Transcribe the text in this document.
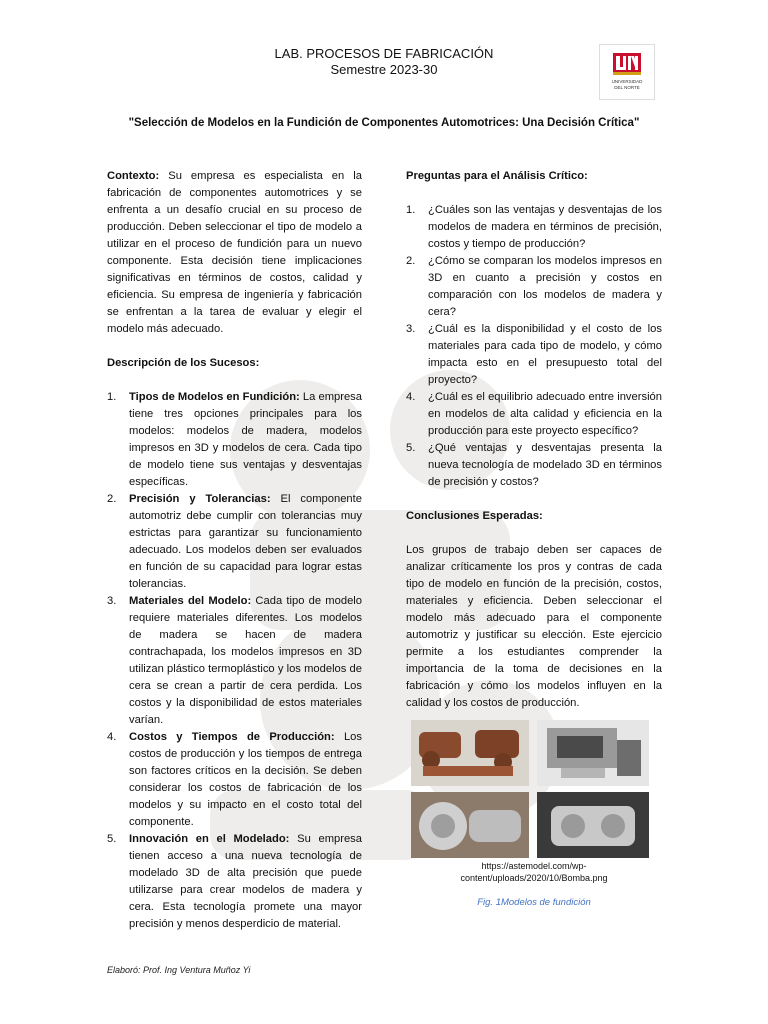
LAB. PROCESOS DE FABRICACIÓN
Semestre 2023-30
UNIVERSIDAD
DEL NORTE
"Selección de Modelos en la Fundición de Componentes Automotrices: Una Decisión Crítica"

Contexto: Su empresa es especialista en la fabricación de componentes automotrices y se enfrenta a un desafío crucial en su proceso de producción. Deben seleccionar el tipo de modelo a utilizar en el proceso de fundición para un nuevo componente. Esta decisión tiene implicaciones significativas en términos de costos, calidad y eficiencia. Su empresa de ingeniería y fabricación se enfrentan a la tarea de evaluar y elegir el modelo más adecuado.

Descripción de los Sucesos:
1. Tipos de Modelos en Fundición: La empresa tiene tres opciones principales para los modelos: modelos de madera, modelos impresos en 3D y modelos de cera. Cada tipo de modelo tiene sus ventajas y desventajas específicas.
2. Precisión y Tolerancias: El componente automotriz debe cumplir con tolerancias muy estrictas para garantizar su funcionamiento adecuado. Los modelos deben ser evaluados en función de su capacidad para lograr estas tolerancias.
3. Materiales del Modelo: Cada tipo de modelo requiere materiales diferentes. Los modelos de madera se hacen de madera contrachapada, los modelos impresos en 3D utilizan plástico termoplástico y los modelos de cera se crean a partir de cera perdida. Los costos y la disponibilidad de estos materiales varían.
4. Costos y Tiempos de Producción: Los costos de producción y los tiempos de entrega son factores críticos en la decisión. Se deben considerar los costos de fabricación de los modelos y su impacto en el costo total del componente.
5. Innovación en el Modelado: Su empresa tienen acceso a una nueva tecnología de modelado 3D de alta precisión que puede utilizarse para crear modelos de madera y cera. Esta tecnología promete una mayor precisión y menos desperdicio de material.
Preguntas para el Análisis Crítico:
1. ¿Cuáles son las ventajas y desventajas de los modelos de madera en términos de precisión, costos y tiempo de producción?
2. ¿Cómo se comparan los modelos impresos en 3D en cuanto a precisión y costos en comparación con los modelos de madera y cera?
3. ¿Cuál es la disponibilidad y el costo de los materiales para cada tipo de modelo, y cómo impacta esto en el presupuesto total del proyecto?
4. ¿Cuál es el equilibrio adecuado entre inversión en modelos de alta calidad y eficiencia en la producción para este proyecto específico?
5. ¿Qué ventajas y desventajas presenta la nueva tecnología de modelado 3D en términos de precisión y costos?
Conclusiones Esperadas:

Los grupos de trabajo deben ser capaces de analizar críticamente los pros y contras de cada tipo de modelo en función de la precisión, costos, materiales y eficiencia. Deben seleccionar el modelo más adecuado para el componente automotriz y justificar su elección. Este ejercicio permite a los estudiantes comprender la importancia de la toma de decisiones en la fabricación y cómo los modelos influyen en la calidad y los costos de producción.

https://astemodel.com/wp-
content/uploads/2020/10/Bomba.png
Fig. 1Modelos de fundición
Elaboró: Prof. Ing Ventura Muñoz Yi
